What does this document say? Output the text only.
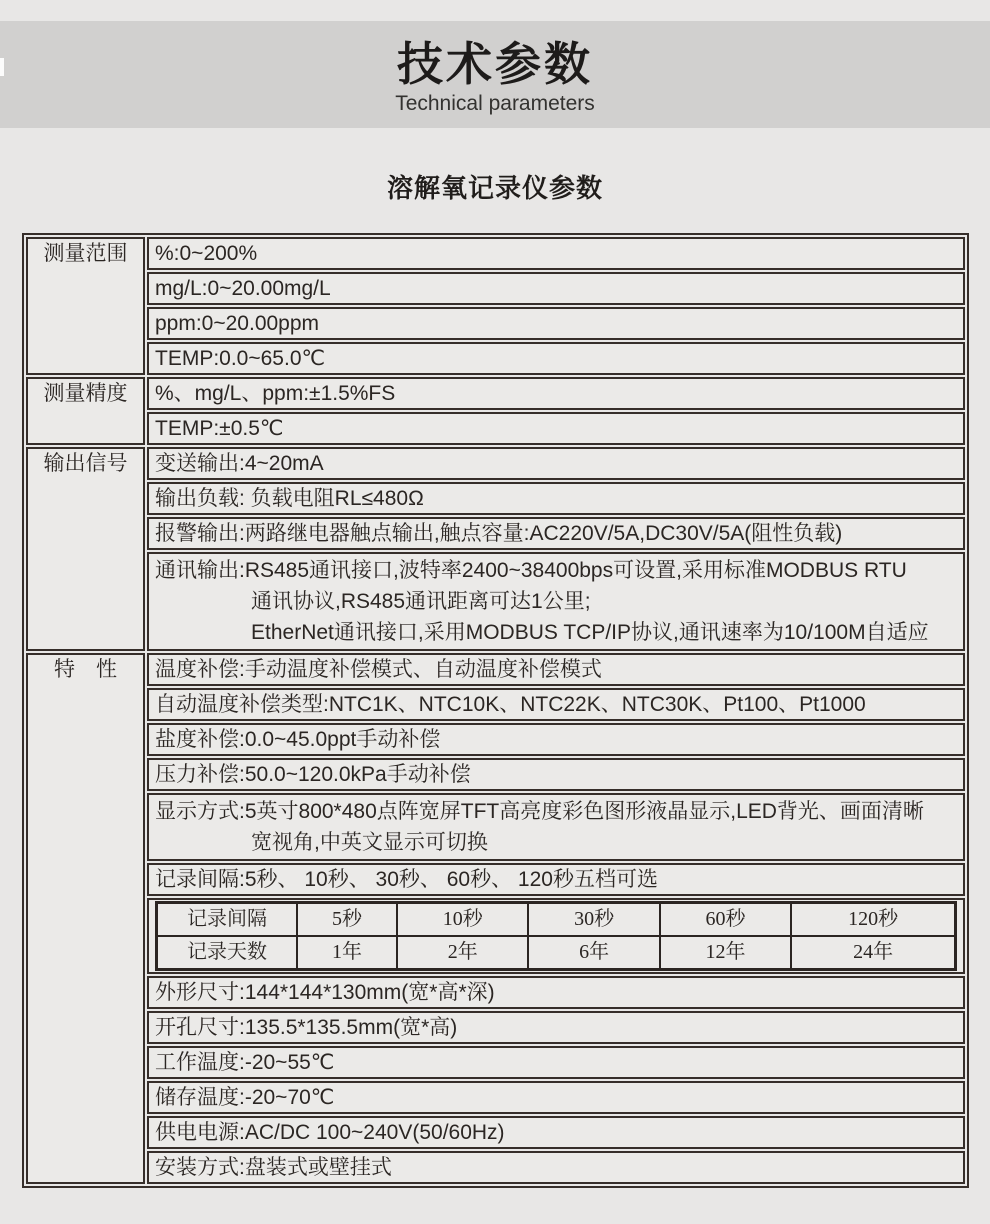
技术参数
Technical parameters
溶解氧记录仪参数
测量范围	%:0~200%
mg/L:0~20.00mg/L
ppm:0~20.00ppm
TEMP:0.0~65.0℃
测量精度	%、mg/L、ppm:±1.5%FS
TEMP:±0.5℃
输出信号	变送输出:4~20mA
输出负载: 负载电阻RL≤480Ω
报警输出:两路继电器触点输出,触点容量:AC220V/5A,DC30V/5A(阻性负载)

通讯输出:RS485通讯接口,波特率2400~38400bps可设置,采用标准MODBUS RTU
通讯协议,RS485通讯距离可达1公里;
EtherNet通讯接口,采用MODBUS TCP/IP协议,通讯速率为10/100M自适应

特　性	温度补偿:手动温度补偿模式、自动温度补偿模式
自动温度补偿类型:NTC1K、NTC10K、NTC22K、NTC30K、Pt100、Pt1000
盐度补偿:0.0~45.0ppt手动补偿
压力补偿:50.0~120.0kPa手动补偿

显示方式:5英寸800*480点阵宽屏TFT高亮度彩色图形液晶显示,LED背光、画面清晰
宽视角,中英文显示可切换

记录间隔:5秒、 10秒、 30秒、 60秒、 120秒五档可选

记录间隔	5秒	10秒	30秒	60秒	120秒
记录天数	1年	2年	6年	12年	24年

外形尺寸:144*144*130mm(宽*高*深)
开孔尺寸:135.5*135.5mm(宽*高)
工作温度:-20~55℃
储存温度:-20~70℃
供电电源:AC/DC 100~240V(50/60Hz)
安装方式:盘装式或壁挂式
